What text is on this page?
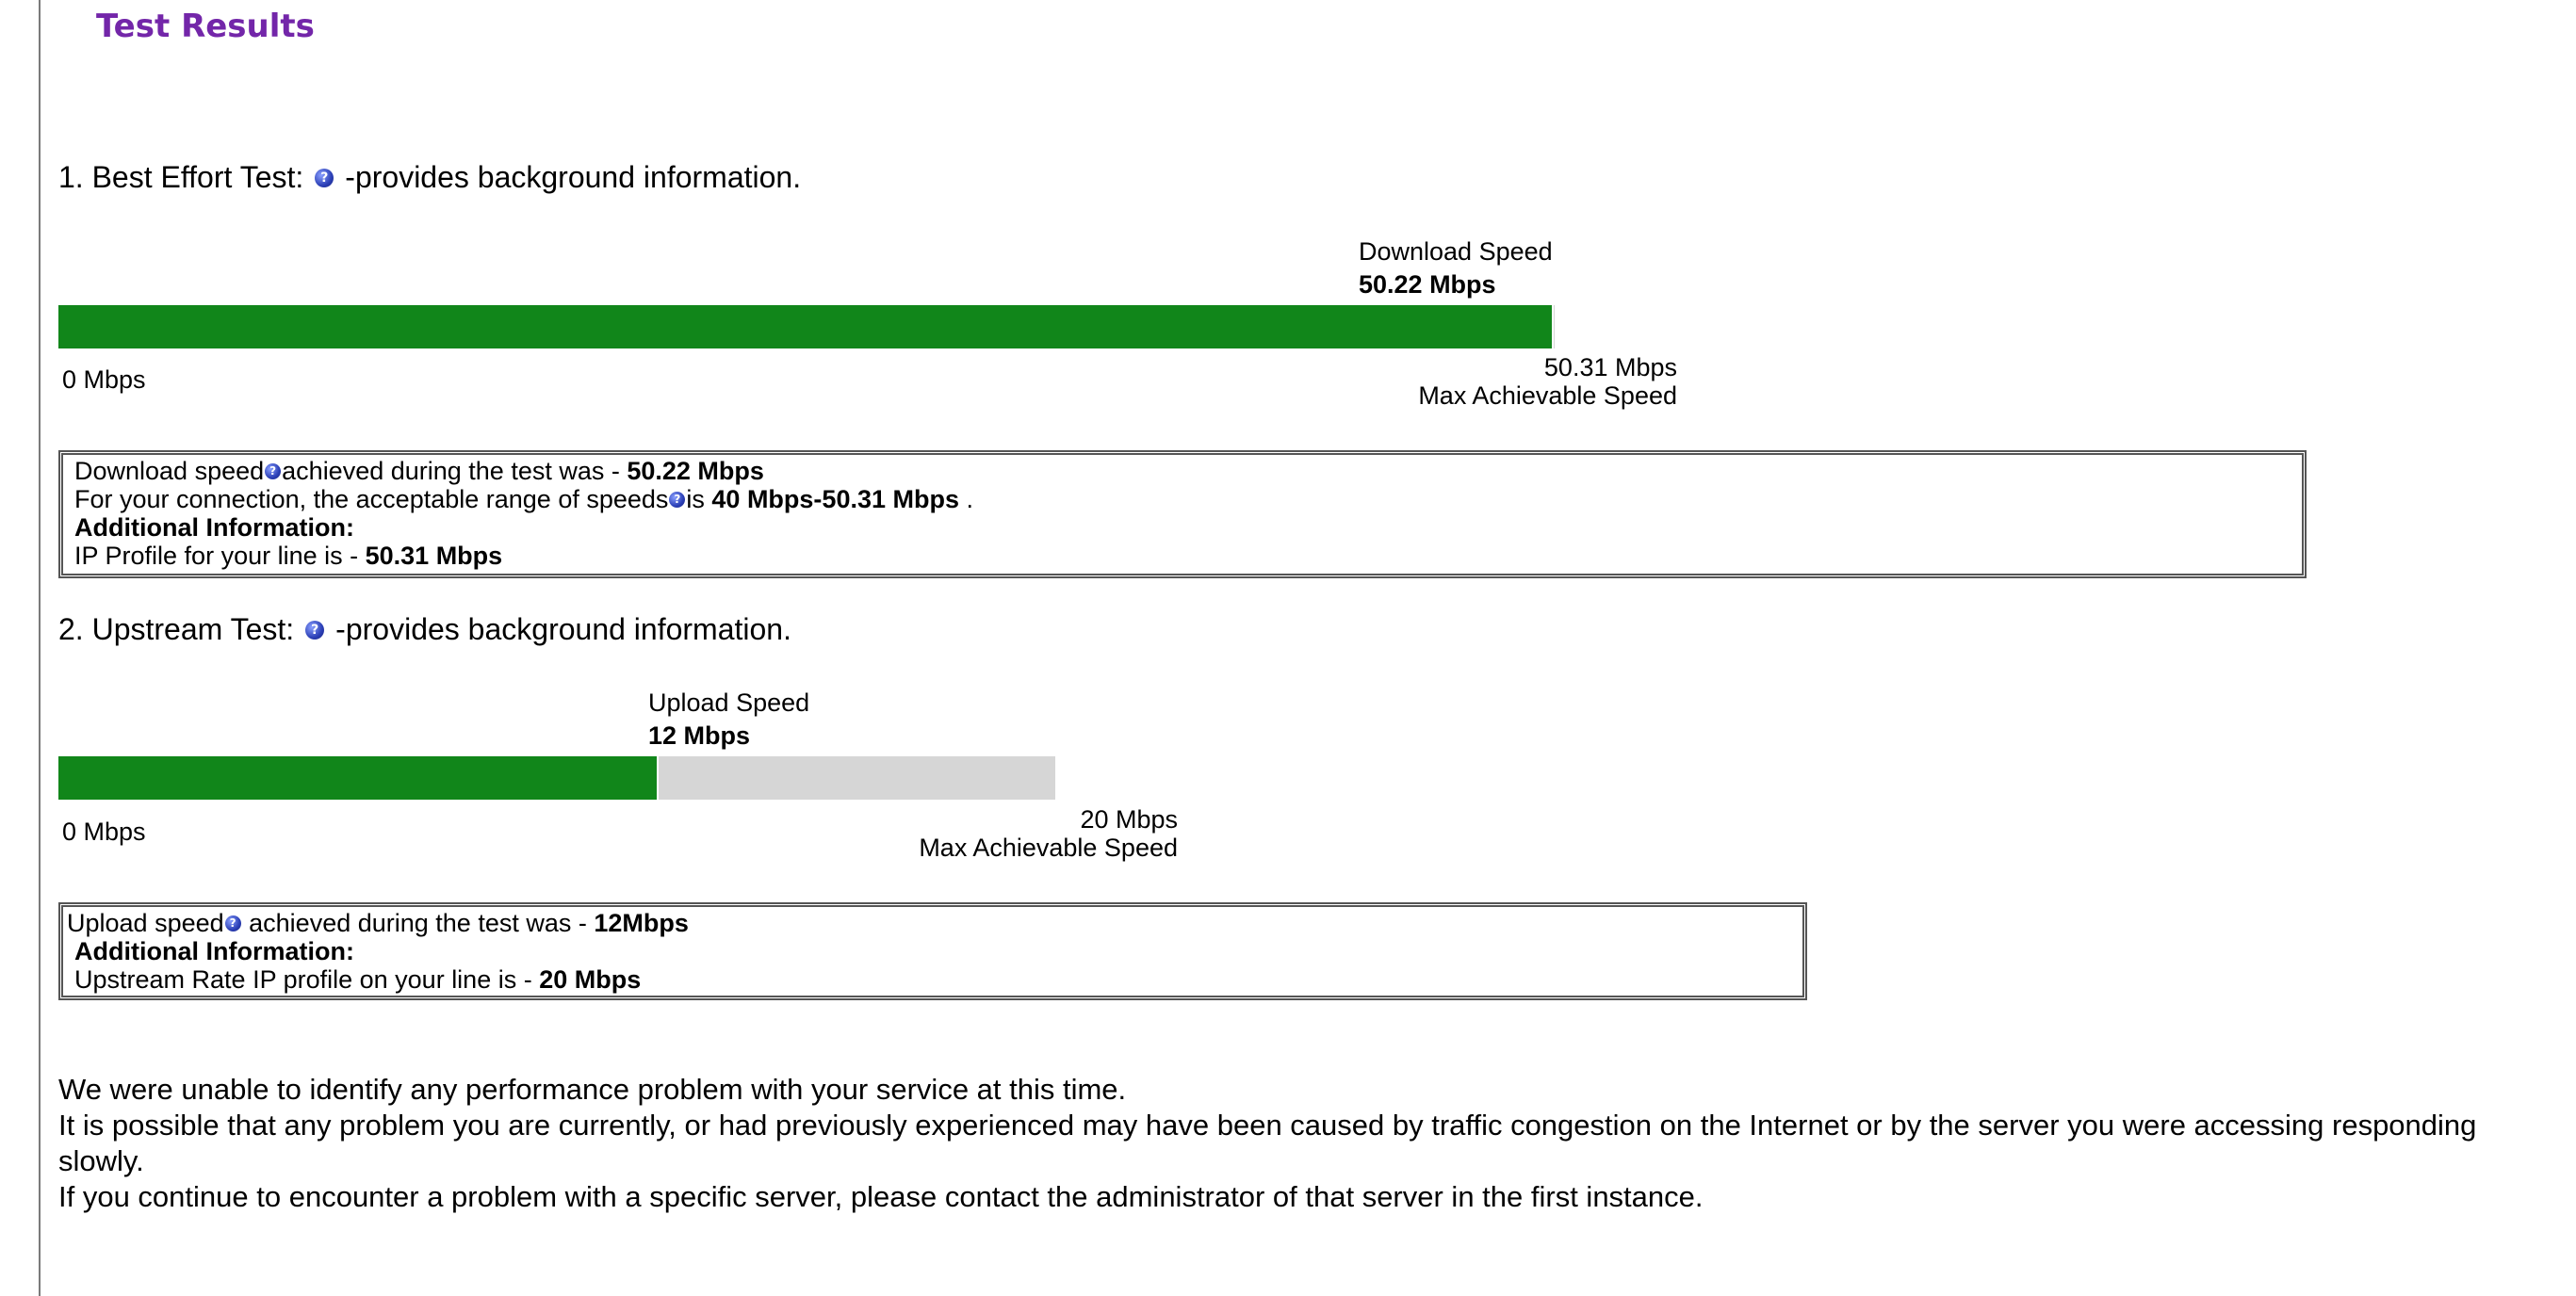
Test Results
1. Best Effort Test:	? -provides background information.
Download Speed
50.22 Mbps
0 Mbps	50.31 Mbps
Max Achievable Speed
Download speed ? achieved during the test was - 50.22 Mbps
For your connection, the acceptable range of speeds ? is 40 Mbps-50.31 Mbps .
Additional Information:
IP Profile for your line is - 50.31 Mbps
2. Upstream Test:	? -provides background information.
Upload Speed
12 Mbps
0 Mbps	20 Mbps
Max Achievable Speed
Upload speed ? achieved during the test was - 12Mbps
Additional Information:
Upstream Rate IP profile on your line is - 20 Mbps
We were unable to identify any performance problem with your service at this time.
It is possible that any problem you are currently, or had previously experienced may have been caused by traffic congestion on the Internet or by the server you were accessing responding slowly.
If you continue to encounter a problem with a specific server, please contact the administrator of that server in the first instance.
